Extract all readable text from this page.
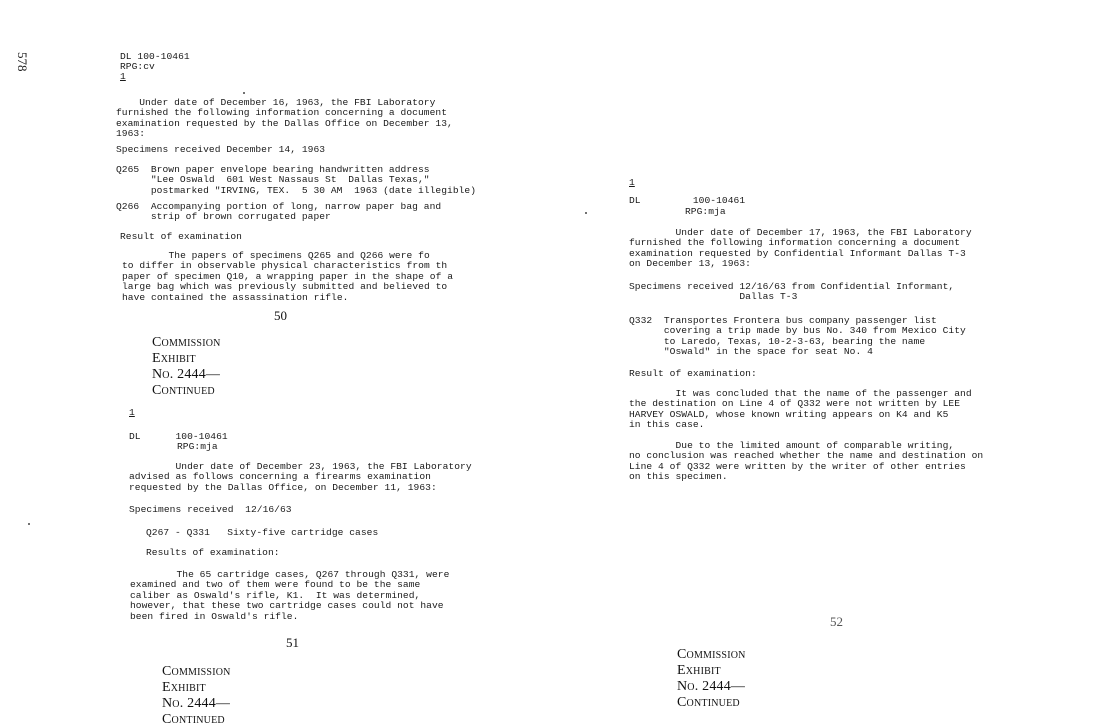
578	DL 100-10461
RPG:cv
1
Under date of December 16, 1963, the FBI Laboratory
furnished the following information concerning a document
examination requested by the Dallas Office on December 13,
1963:
Specimens received December 14, 1963
Q265  Brown paper envelope bearing handwritten address
"Lee Oswald  601 West Nassaus St  Dallas Texas,"
postmarked "IRVING, TEX.  5 30 AM  1963 (date illegible)
Q266  Accompanying portion of long, narrow paper bag and
strip of brown corrugated paper
Result of examination
The papers of specimens Q265 and Q266 were fo
to differ in observable physical characteristics from th
paper of specimen Q10, a wrapping paper in the shape of a
large bag which was previously submitted and believed to
have contained the assassination rifle.
50
Commission Exhibit No. 2444—Continued
1
DL      100-10461
RPG:mja
Under date of December 23, 1963, the FBI Laboratory
advised as follows concerning a firearms examination
requested by the Dallas Office, on December 11, 1963:
Specimens received  12/16/63
Q267 - Q331   Sixty-five cartridge cases
Results of examination:
The 65 cartridge cases, Q267 through Q331, were
examined and two of them were found to be the same
caliber as Oswald's rifle, K1.  It was determined,
however, that these two cartridge cases could not have
been fired in Oswald's rifle.
51
Commission Exhibit No. 2444—Continued
1
DL         100-10461
RPG:mja
Under date of December 17, 1963, the FBI Laboratory
furnished the following information concerning a document
examination requested by Confidential Informant Dallas T-3
on December 13, 1963:
Specimens received 12/16/63 from Confidential Informant,
Dallas T-3
Q332  Transportes Frontera bus company passenger list
covering a trip made by bus No. 340 from Mexico City
to Laredo, Texas, 10-2-3-63, bearing the name
"Oswald" in the space for seat No. 4
Result of examination:
It was concluded that the name of the passenger and
the destination on Line 4 of Q332 were not written by LEE
HARVEY OSWALD, whose known writing appears on K4 and K5
in this case.

Due to the limited amount of comparable writing,
no conclusion was reached whether the name and destination on
Line 4 of Q332 were written by the writer of other entries
on this specimen.
52
Commission Exhibit No. 2444—Continued
